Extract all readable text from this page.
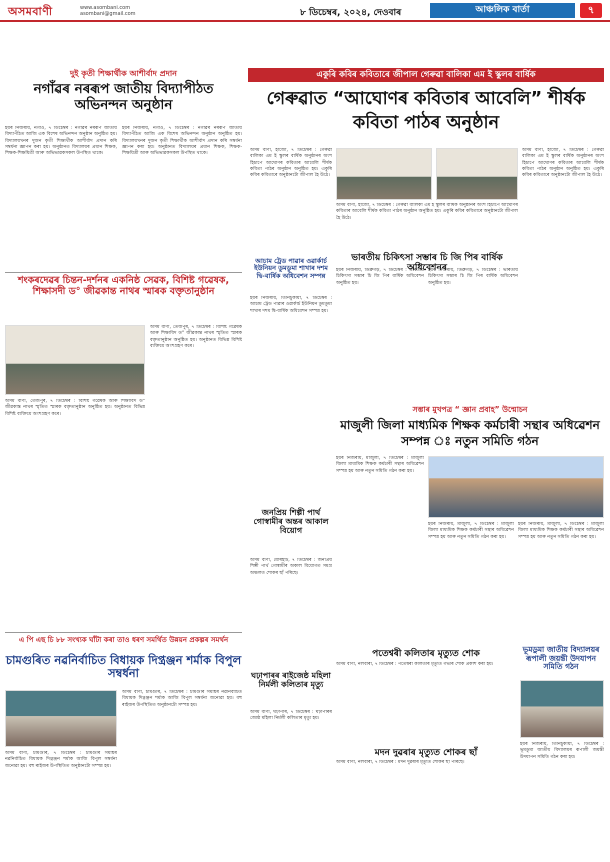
অসমবাণী	www.asombani.com
asombani@gmail.com	৮ ডিচেম্বৰ, ২০২৪, দেওবাৰ	আঞ্চলিক বাৰ্তা	৭
দুই কৃতী শিক্ষাৰ্থীক আশীৰ্বাদ প্ৰদান
নগাঁৱৰ নৰৰূপ জাতীয় বিদ্যাপীঠত অভিনন্দন অনুষ্ঠান
ইয়ৰ নিজৰীয়, নগাঁও, ৭ ডিচেম্বৰ : নগাঁৱৰ নৰৰূপ জাতীয় বিদ্যাপীঠত আজি এক বিশেষ অভিনন্দন অনুষ্ঠান অনুষ্ঠিত হয়। বিদ্যালয়খনৰ দুজন কৃতী শিক্ষাৰ্থীক আশীৰ্বাদ প্ৰদান কৰি সম্বৰ্ধনা জ্ঞাপন কৰা হয়। অনুষ্ঠানত বিদ্যালয়ৰ প্ৰধান শিক্ষক, শিক্ষক-শিক্ষয়িত্ৰী আৰু অভিভাৱকসকল উপস্থিত থাকে।
ইয়ৰ নিজৰীয়, নগাঁও, ৭ ডিচেম্বৰ : নগাঁৱৰ নৰৰূপ জাতীয় বিদ্যাপীঠত আজি এক বিশেষ অভিনন্দন অনুষ্ঠান অনুষ্ঠিত হয়। বিদ্যালয়খনৰ দুজন কৃতী শিক্ষাৰ্থীক আশীৰ্বাদ প্ৰদান কৰি সম্বৰ্ধনা জ্ঞাপন কৰা হয়। অনুষ্ঠানত বিদ্যালয়ৰ প্ৰধান শিক্ষক, শিক্ষক-শিক্ষয়িত্ৰী আৰু অভিভাৱকসকল উপস্থিত থাকে।
শংকৰদেৱৰ চিন্তন-দৰ্শনৰ একনিষ্ঠ সেৱক, বিশিষ্ট গৱেষক, শিক্ষাসদী ড° জীৱকান্ত নাথৰ স্মাৰক বক্তৃতানুষ্ঠান
অসম বাণী, তেজপুৰ, ৭ ডিচেম্বৰ : বিশিষ্ট গৱেষক আৰু শিক্ষাবিদ ড° জীৱকান্ত নাথৰ স্মৃতিত স্মাৰক বক্তৃতানুষ্ঠান অনুষ্ঠিত হয়। অনুষ্ঠানত বিভিন্ন বিশিষ্ট ব্যক্তিয়ে অংশগ্ৰহণ কৰে।
অসম বাণী, তেজপুৰ, ৭ ডিচেম্বৰ : বিশিষ্ট গৱেষক আৰু শিক্ষাবিদ ড° জীৱকান্ত নাথৰ স্মৃতিত স্মাৰক বক্তৃতানুষ্ঠান অনুষ্ঠিত হয়। অনুষ্ঠানত বিভিন্ন বিশিষ্ট ব্যক্তিয়ে অংশগ্ৰহণ কৰে।
এ পি এছ চি ৮৮ সংখ্যক ঘাঁটা কৰা তাও ধৰণ সমৰ্থিত উন্নয়ন প্ৰকল্পৰ সমৰ্থন
চামগুৰিত নৱনিৰ্বাচিত বিধায়ক দিপ্ত্ৰঞ্জন শৰ্মাক বিপুল সম্বৰ্ধনা
অসম বাণী, চামগুৰি, ৭ ডিচেম্বৰ : চামগুৰি সমষ্টিৰ নৱনিৰ্বাচিত বিধায়ক দিপ্ত্ৰঞ্জন শৰ্মাক আজি বিপুল সম্বৰ্ধনা জনোৱা হয়। বহু ৰাইজৰ উপস্থিতিত অনুষ্ঠানটো সম্পন্ন হয়।
অসম বাণী, চামগুৰি, ৭ ডিচেম্বৰ : চামগুৰি সমষ্টিৰ নৱনিৰ্বাচিত বিধায়ক দিপ্ত্ৰঞ্জন শৰ্মাক আজি বিপুল সম্বৰ্ধনা জনোৱা হয়। বহু ৰাইজৰ উপস্থিতিত অনুষ্ঠানটো সম্পন্ন হয়।
একুৰি কবিৰ কবিতাৰে জীপাল গেৰুৱা বালিকা এম ই স্কুলৰ বাৰ্ষিক
গেৰুৱাত “আঘোণৰ কবিতাৰ আবেলি” শীৰ্ষক কবিতা পাঠৰ অনুষ্ঠান
অসম বাণী, হাজো, ৭ ডিচেম্বৰ : গেৰুৱা বালিকা এম ই স্কুলৰ বাৰ্ষিক অনুষ্ঠানৰ অংশ হিচাপে আঘোণৰ কবিতাৰ আবেলি শীৰ্ষক কবিতা পাঠৰ অনুষ্ঠান অনুষ্ঠিত হয়। একুৰি কবিৰ কবিতাৰে অনুষ্ঠানটো জীপাল হৈ উঠে।
অসম বাণী, হাজো, ৭ ডিচেম্বৰ : গেৰুৱা বালিকা এম ই স্কুলৰ বাৰ্ষিক অনুষ্ঠানৰ অংশ হিচাপে আঘোণৰ কবিতাৰ আবেলি শীৰ্ষক কবিতা পাঠৰ অনুষ্ঠান অনুষ্ঠিত হয়। একুৰি কবিৰ কবিতাৰে অনুষ্ঠানটো জীপাল হৈ উঠে।
অসম বাণী, হাজো, ৭ ডিচেম্বৰ : গেৰুৱা বালিকা এম ই স্কুলৰ বাৰ্ষিক অনুষ্ঠানৰ অংশ হিচাপে আঘোণৰ কবিতাৰ আবেলি শীৰ্ষক কবিতা পাঠৰ অনুষ্ঠান অনুষ্ঠিত হয়। একুৰি কবিৰ কবিতাৰে অনুষ্ঠানটো জীপাল হৈ উঠে।
আচাম ট্ৰেড পাৱাৰ ওৱাৰ্কাৰ্চ ইউনিয়ন ডুমডুমা শাখাৰ দশম দ্বি-বাৰ্ষিক অধিবেশন সম্পন্ন
ইয়ৰ নিজৰীয়, তিনিচুকীয়া, ৭ ডিচেম্বৰ : আচাম ট্ৰেড পাৱাৰ ওৱাৰ্কাৰ্চ ইউনিয়ন ডুমডুমা শাখাৰ দশম দ্বি-বাৰ্ষিক অধিবেশন সম্পন্ন হয়।
জনপ্ৰিয় শিল্পী পাৰ্থ গোস্বামীৰ অন্তৰ আকাল বিয়োগ
অসম বাণী, যোৰহাট, ৭ ডিচেম্বৰ : জনপ্ৰিয় শিল্পী পাৰ্থ গোস্বামীৰ অকাল বিয়োগত সমগ্ৰ অঞ্চলত শোকৰ ছাঁ পৰিছে।
ঘঢ়াপাৰৰ ৰাইজেষ্ঠ মহিলা নিৰ্মলী কলিতাৰ মৃত্যু
অসম বাণী, ঘঢ়াপাৰ, ৭ ডিচেম্বৰ : ঘঢ়াপাৰৰ জ্যেষ্ঠ মহিলা নিৰ্মলী কলিতাৰ মৃত্যু হয়।
ভাৰতীয় চিকিৎসা সম্ভাৰ চি জি পিৰ বাৰ্ষিক অধিবেশনৰ
ইয়ৰ নিজৰীয়, ডিব্ৰুগড়, ৭ ডিচেম্বৰ : ভাৰতীয় চিকিৎসা সম্ভাৰ চি জি পিৰ বাৰ্ষিক অধিবেশন অনুষ্ঠিত হয়।
ইয়ৰ নিজৰীয়, ডিব্ৰুগড়, ৭ ডিচেম্বৰ : ভাৰতীয় চিকিৎসা সম্ভাৰ চি জি পিৰ বাৰ্ষিক অধিবেশন অনুষ্ঠিত হয়।
সম্ভাৰ মুখপত্ৰ “ জ্ঞান প্ৰবাহ” উন্মোচন
মাজুলী জিলা মাধ্যমিক শিক্ষক কৰ্মচাৰী সন্থাৰ অধিৱেশন সম্পন্ন ঃ নতুন সমিতি গঠন
ইয়ৰ নিজৰীয়, মাজুলী, ৭ ডিচেম্বৰ : মাজুলী জিলা মাধ্যমিক শিক্ষক কৰ্মচাৰী সন্থাৰ অধিৱেশন সম্পন্ন হয় আৰু নতুন সমিতি গঠন কৰা হয়।
ইয়ৰ নিজৰীয়, মাজুলী, ৭ ডিচেম্বৰ : মাজুলী জিলা মাধ্যমিক শিক্ষক কৰ্মচাৰী সন্থাৰ অধিৱেশন সম্পন্ন হয় আৰু নতুন সমিতি গঠন কৰা হয়।
ইয়ৰ নিজৰীয়, মাজুলী, ৭ ডিচেম্বৰ : মাজুলী জিলা মাধ্যমিক শিক্ষক কৰ্মচাৰী সন্থাৰ অধিৱেশন সম্পন্ন হয় আৰু নতুন সমিতি গঠন কৰা হয়।
পতেশ্বৰী কলিতাৰ মৃত্যুত শোক
অসম বাণী, নলবাৰী, ৭ ডিচেম্বৰ : পতেশ্বৰী কলিতাৰ মৃত্যুত গভীৰ শোক প্ৰকাশ কৰা হয়।
মদন দুৱৰাৰ মৃত্যুত শোকৰ ছাঁ
অসম বাণী, নলবাৰী, ৭ ডিচেম্বৰ : মদন দুৱৰাৰ মৃত্যুত শোকৰ ছাঁ পৰিছে।
ভূমডুমা জাতীয় বিদ্যালয়ৰ ৰূপালী জয়ন্তী উদযাপন সমিতি গঠন
ইয়ৰ নিজৰীয়, তিনিচুকীয়া, ৭ ডিচেম্বৰ : ভূমডুমা জাতীয় বিদ্যালয়ৰ ৰূপালী জয়ন্তী উদযাপন সমিতি গঠন কৰা হয়।
